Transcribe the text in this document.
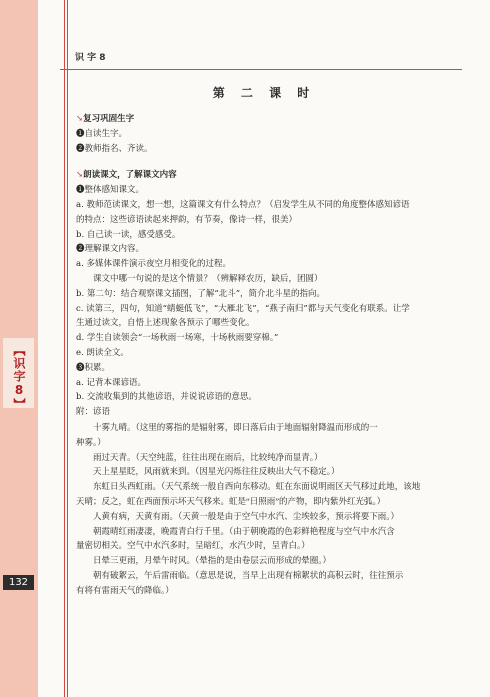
【识字8】
132
识 字 8
第 二 课 时
➘复习巩固生字
❶自读生字。
❷教师指名、齐读。
➘朗读课文，了解课文内容
❶整体感知课文。
a. 教师范读课文，想一想，这篇课文有什么特点？（启发学生从不同的角度整体感知谚语
的特点：这些谚语读起来押韵，有节奏，像诗一样，很美）
b. 自己读一读，感受感受。
❷理解课文内容。
a. 多媒体课件演示夜空月相变化的过程。
课文中哪一句说的是这个情景？（辨解释农历，缺后，团圆）
b. 第二句：结合观察课文插图，了解“北斗”，简介北斗星的指向。
c. 读第三，四句，知道“蜻蜓低飞”，“大雁北飞”，“燕子南归”都与天气变化有联系。让学
生通过读文，自悟上述现象各预示了哪些变化。
d. 学生自读领会“一场秋雨一场寒，十场秋雨要穿棉。”
e. 朗读全文。
❸积累。
a. 记背本课谚语。
b. 交流收集到的其他谚语，并说说谚语的意思。
附：谚语
十雾九晴。（这里的雾指的是辐射雾，即日落后由于地面辐射降温而形成的一
种雾。）
雨过天青。（天空纯蓝，往往出现在雨后，比较纯净而显青。）
天上星星眨，风雨就来到。（因星光闪烁往往反映出大气不稳定。）
东虹日头西虹雨。（天气系统一般自西向东移动。虹在东面说明雨区天气移过此地，该地
天晴；反之，虹在西面预示坏天气移来。虹是“日照雨”的产物，即内紫外红光弧。）
人黄有病，天黄有雨。（天黄一般是由于空气中水汽、尘埃较多，预示将要下雨。）
朝霞晴红雨凄凄，晚霞青白行千里。（由于朝晚霞的色彩鲜艳程度与空气中水汽含
量密切相关。空气中水汽多时，呈暗红，水汽少时，呈青白。）
日晕三更雨，月晕午时风。（晕指的是由卷层云而形成的晕圈。）
朝有破絮云，午后雷雨临。（意思是说，当早上出现有棉絮状的高积云时，往往预示
有将有雷雨天气的降临。）
